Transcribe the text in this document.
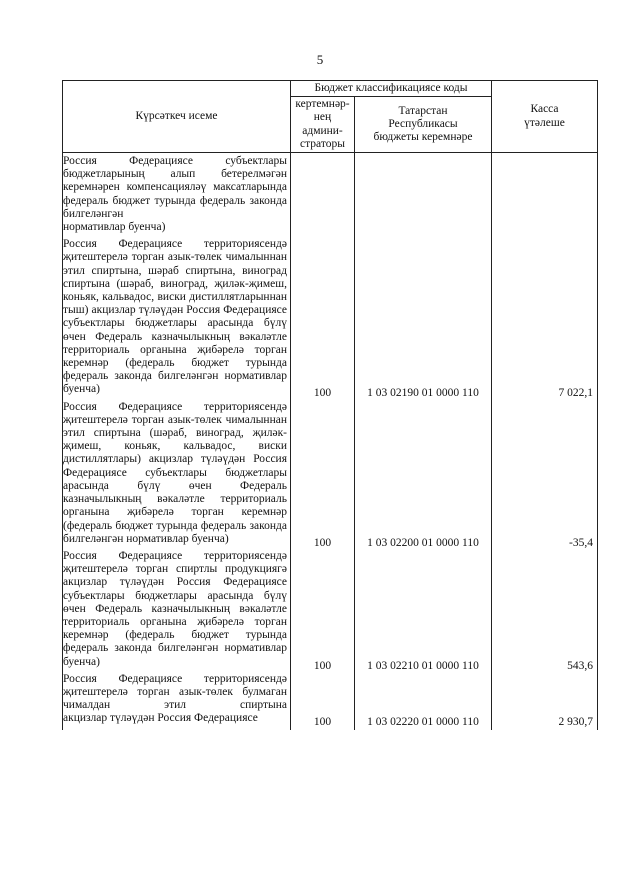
5
Күрсәткеч исеме	Бюджет классификациясе коды		Касса
үтәлеше
	кертемнәр-
нең
админи-
страторы	Татарстан
Республикасы
бюджеты керемнәре	
Россия Федерациясе субъектлары бюджетларының алып бетерелмәгән керемнәрен компенсацияләү максатларында федераль бюджет турында федераль законда билгеләнгән
нормативлар буенча)			

Россия Федерациясе территориясендә җитештерелә торган азык-төлек чималыннан этил спиртына, шәраб спиртына, виноград спиртына (шәраб, виноград, җиләк-җимеш, коньяк, кальвадос, виски дистиллятларыннан тыш) акцизлар түләүдән Россия Федерациясе субъектлары бюджетлары арасында бүлү өчен Федераль казначылыкның вәкаләтле территориаль органына җибәрелә торган керемнәр (федераль бюджет турында федераль законда билгеләнгән нормативлар
буенча)	100	1 03 02190 01 0000 110	7 022,1
Россия Федерациясе территориясендә җитештерелә торган азык-төлек чималыннан этил спиртына (шәраб, виноград, җиләк-җимеш, коньяк, кальвадос, виски дистиллятлары) акцизлар түләүдән Россия Федерациясе субъектлары бюджетлары арасында бүлү өчен Федераль казначылыкның вәкаләтле территориаль органына җибәрелә торган керемнәр (федераль бюджет турында федераль законда
билгеләнгән нормативлар буенча)	100	1 03 02200 01 0000 110	-35,4
Россия Федерациясе территориясендә җитештерелә торган спиртлы продукциягә акцизлар түләүдән Россия Федерациясе субъектлары бюджетлары арасында бүлү өчен Федераль казначылыкның вәкаләтле территориаль органына җибәрелә торган керемнәр (федераль бюджет турында федераль законда билгеләнгән нормативлар
буенча)	100	1 03 02210 01 0000 110	543,6
Россия Федерациясе территориясендә җитештерелә торган азык-төлек булмаган чималдан этил спиртына
акцизлар түләүдән Россия Федерациясе	100	1 03 02220 01 0000 110	2 930,7
